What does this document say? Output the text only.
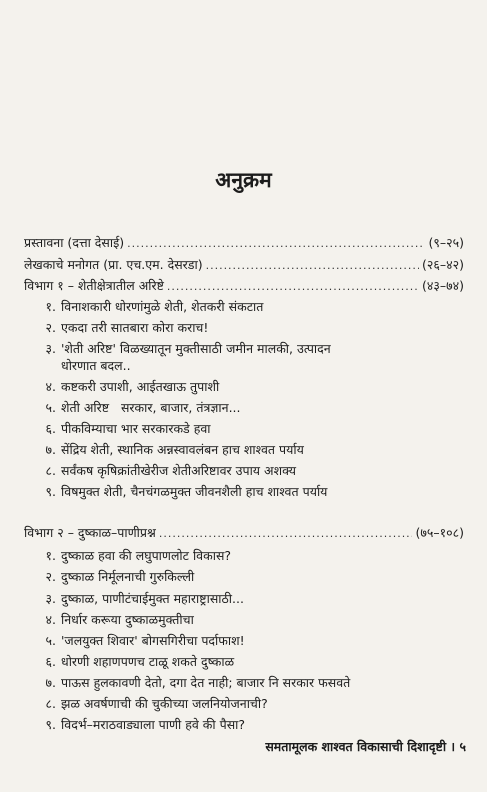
अनुक्रम
प्रस्तावना (दत्ता देसाई) .....	(९–२५)
लेखकाचे मनोगत (प्रा. एच.एम. देसरडा) .....	(२६–४२)
विभाग १ – शेतीक्षेत्रातील अरिष्टे .....	(४३–७४)
१. विनाशकारी धोरणांमुळे शेती, शेतकरी संकटात
२. एकदा तरी सातबारा कोरा कराच!
३. 'शेती अरिष्ट' विळख्यातून मुक्तीसाठी जमीन मालकी, उत्पादन
धोरणात बदल..
४. कष्टकरी उपाशी, आईतखाऊ तुपाशी
५. शेती अरिष्ट   सरकार, बाजार, तंत्रज्ञान...
६. पीकविम्याचा भार सरकारकडे हवा
७. सेंद्रिय शेती, स्थानिक अन्नस्वावलंबन हाच शाश्वत पर्याय
८. सर्वंकष कृषिक्रांतीखेरीज शेतीअरिष्टावर उपाय अशक्य
९. विषमुक्त शेती, चैनचंगळमुक्त जीवनशैली हाच शाश्वत पर्याय
विभाग २ – दुष्काळ–पाणीप्रश्न .....	(७५–१०८)
१. दुष्काळ हवा की लघुपाणलोट विकास?
२. दुष्काळ निर्मूलनाची गुरुकिल्ली
३. दुष्काळ, पाणीटंचाईमुक्त महाराष्ट्रासाठी...
४. निर्धार करूया दुष्काळमुक्तीचा
५. 'जलयुक्त शिवार' बोगसगिरीचा पर्दाफाश!
६. धोरणी शहाणपणच टाळू शकते दुष्काळ
७. पाऊस हुलकावणी देतो, दगा देत नाही; बाजार नि सरकार फसवते
८. झळ अवर्षणाची की चुकीच्या जलनियोजनाची?
९. विदर्भ–मराठवाड्याला पाणी हवे की पैसा?
समतामूलक शाश्वत विकासाची दिशादृष्टी । ५
